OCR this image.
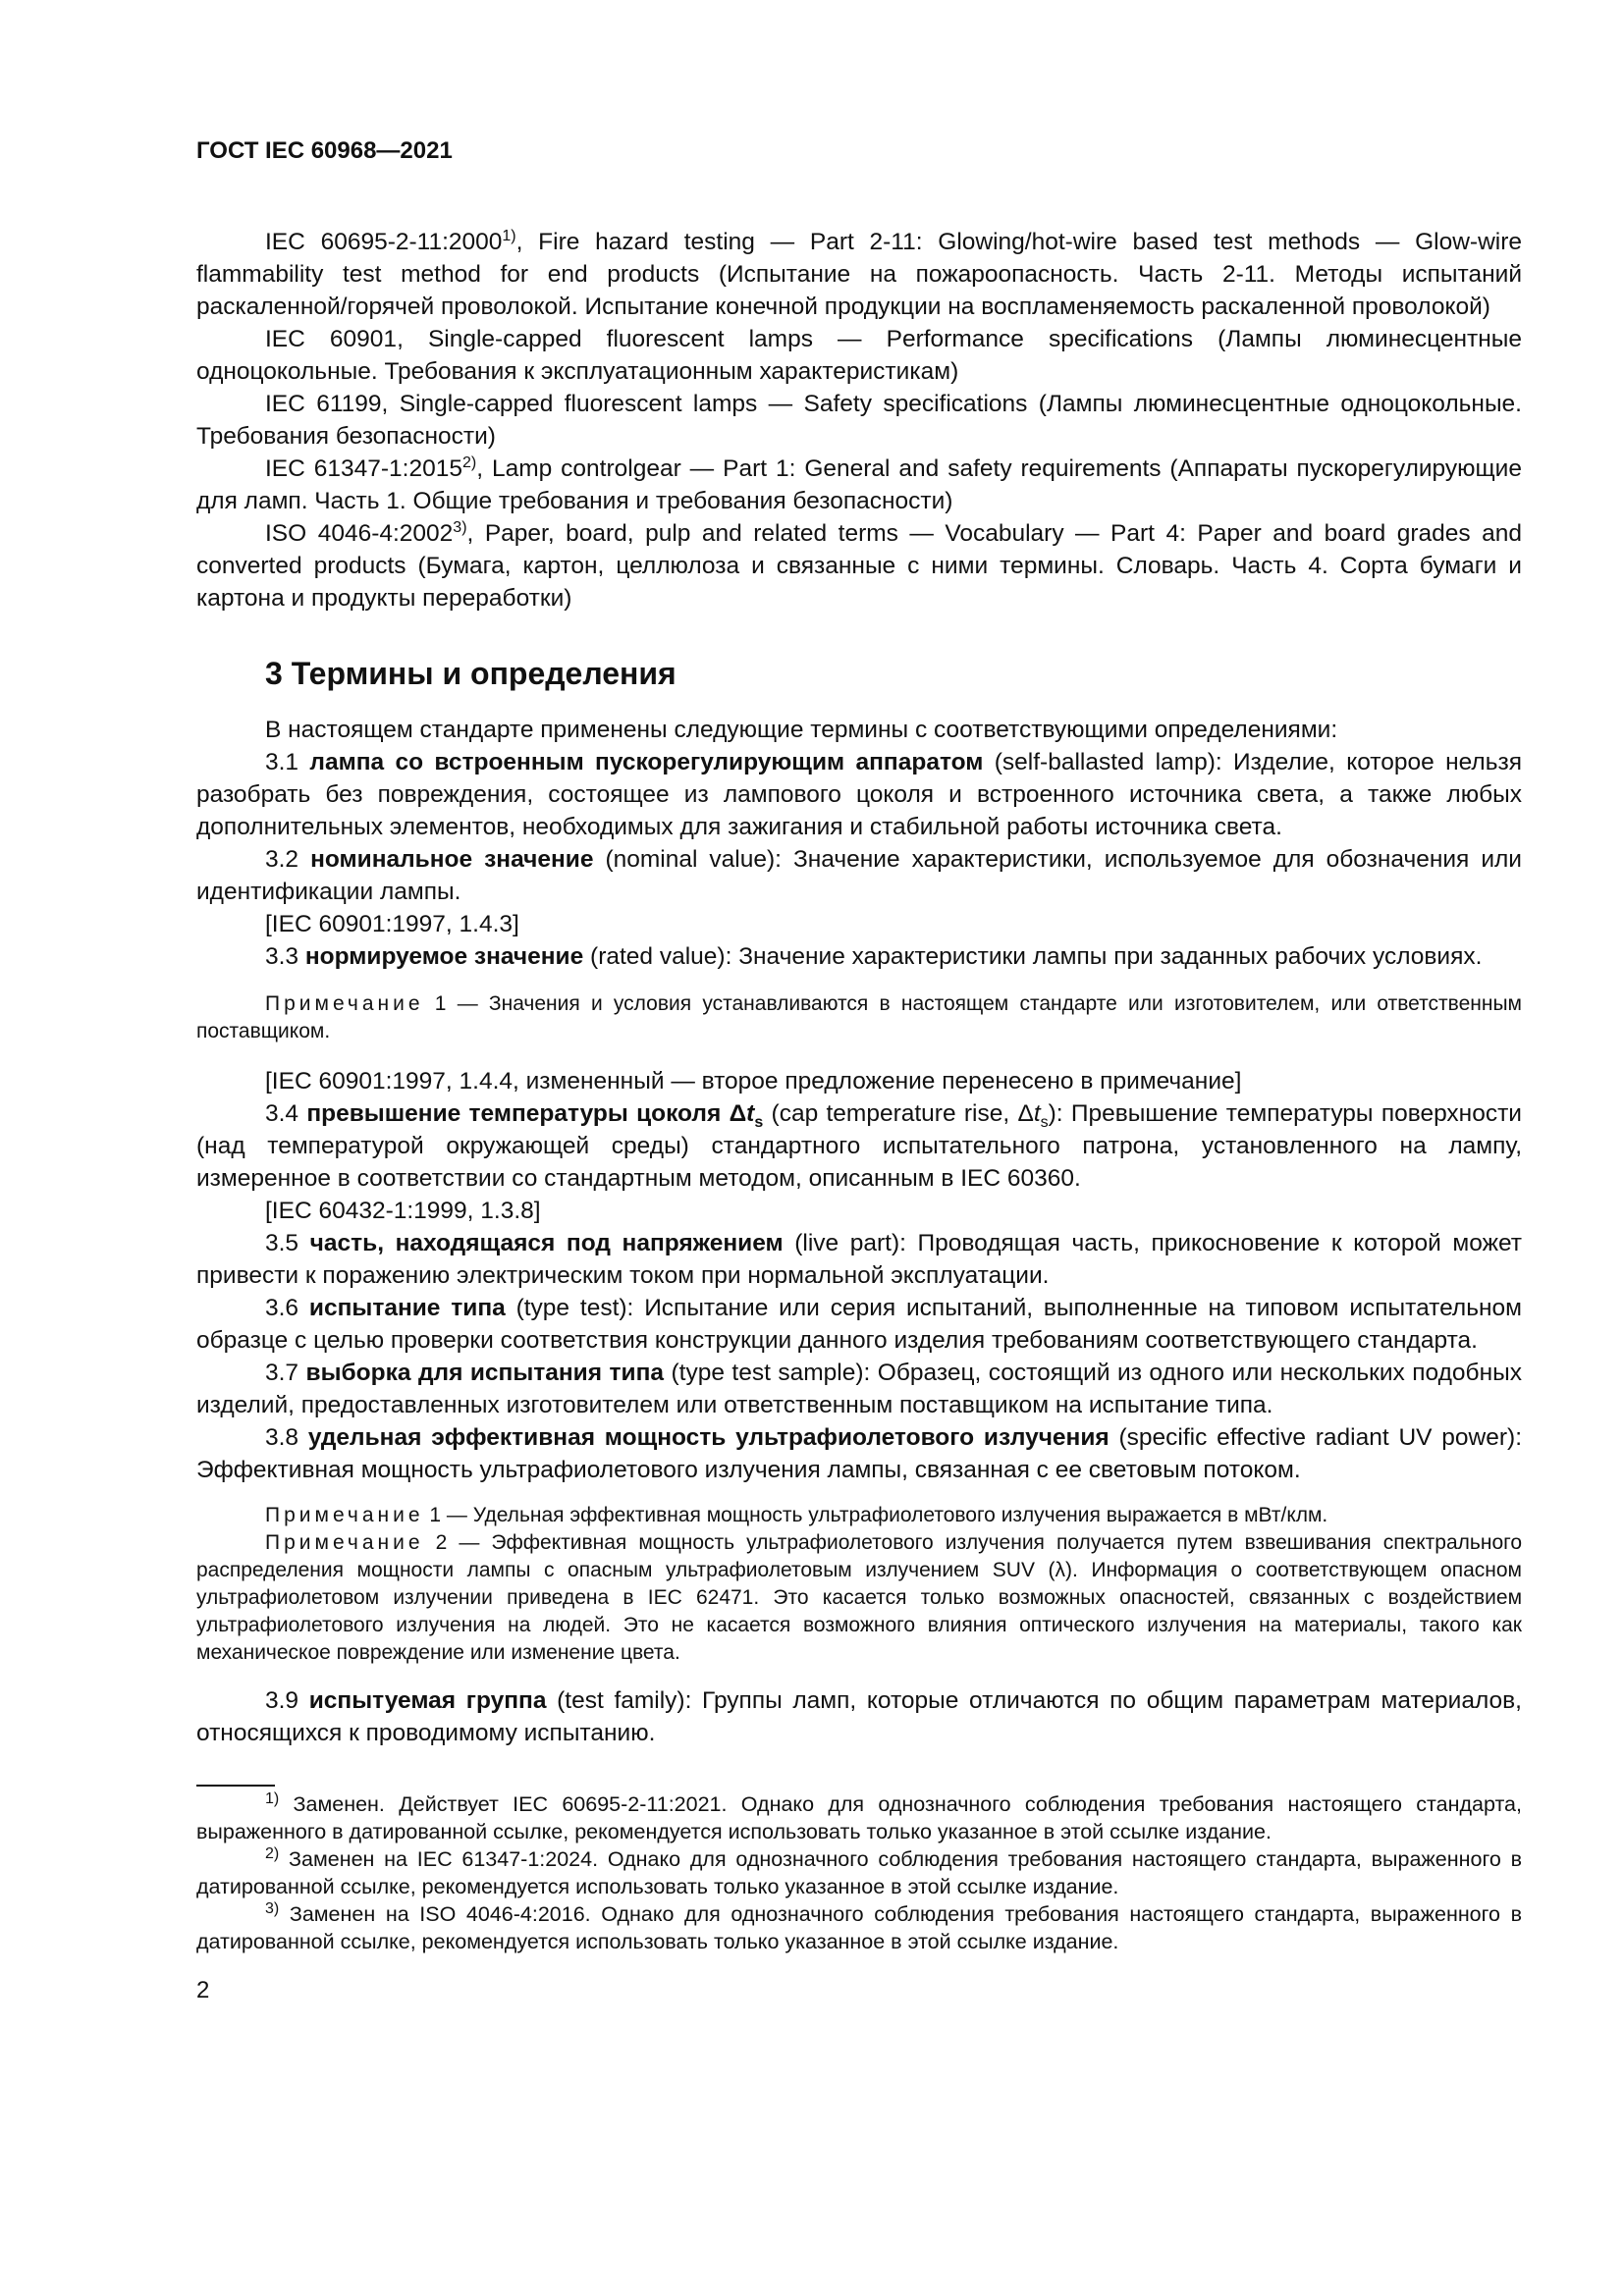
ГОСТ IEC 60968—2021

IEC 60695-2-11:2000$^{1)}$, Fire hazard testing — Part 2-11: Glowing/hot-wire based test methods — Glow-wire flammability test method for end products (Испытание на пожароопасность. Часть 2-11. Методы испытаний раскаленной/горячей проволокой. Испытание конечной продукции на воспламеняемость раскаленной проволокой)

IEC 60901, Single-capped fluorescent lamps — Performance specifications (Лампы люминесцентные одноцокольные. Требования к эксплуатационным характеристикам)

IEC 61199, Single-capped fluorescent lamps — Safety specifications (Лампы люминесцентные одноцокольные. Требования безопасности)

IEC 61347-1:2015$^{2)}$, Lamp controlgear — Part 1: General and safety requirements (Аппараты пускорегулирующие для ламп. Часть 1. Общие требования и требования безопасности)

ISO 4046-4:2002$^{3)}$, Paper, board, pulp and related terms — Vocabulary — Part 4: Paper and board grades and converted products (Бумага, картон, целлюлоза и связанные с ними термины. Словарь. Часть 4. Сорта бумаги и картона и продукты переработки)

3 Термины и определения

В настоящем стандарте применены следующие термины с соответствующими определениями:

3.1 лампа со встроенным пускорегулирующим аппаратом (self-ballasted lamp): Изделие, которое нельзя разобрать без повреждения, состоящее из лампового цоколя и встроенного источника света, а также любых дополнительных элементов, необходимых для зажигания и стабильной работы источника света.

3.2 номинальное значение (nominal value): Значение характеристики, используемое для обозначения или идентификации лампы.

[IEC 60901:1997, 1.4.3]

3.3 нормируемое значение (rated value): Значение характеристики лампы при заданных рабочих условиях.

Примечание 1 — Значения и условия устанавливаются в настоящем стандарте или изготовителем, или ответственным поставщиком.

[IEC 60901:1997, 1.4.4, измененный — второе предложение перенесено в примечание]

3.4 превышение температуры цоколя $\Delta t_s$ (cap temperature rise, $\Delta t_s$): Превышение температуры поверхности (над температурой окружающей среды) стандартного испытательного патрона, установленного на лампу, измеренное в соответствии со стандартным методом, описанным в IEC 60360.

[IEC 60432-1:1999, 1.3.8]

3.5 часть, находящаяся под напряжением (live part): Проводящая часть, прикосновение к которой может привести к поражению электрическим током при нормальной эксплуатации.

3.6 испытание типа (type test): Испытание или серия испытаний, выполненные на типовом испытательном образце с целью проверки соответствия конструкции данного изделия требованиям соответствующего стандарта.

3.7 выборка для испытания типа (type test sample): Образец, состоящий из одного или нескольких подобных изделий, предоставленных изготовителем или ответственным поставщиком на испытание типа.

3.8 удельная эффективная мощность ультрафиолетового излучения (specific effective radiant UV power): Эффективная мощность ультрафиолетового излучения лампы, связанная с ее световым потоком.

Примечание 1 — Удельная эффективная мощность ультрафиолетового излучения выражается в мВт/клм.

Примечание 2 — Эффективная мощность ультрафиолетового излучения получается путем взвешивания спектрального распределения мощности лампы с опасным ультрафиолетовым излучением SUV (λ). Информация о соответствующем опасном ультрафиолетовом излучении приведена в IEC 62471. Это касается только возможных опасностей, связанных с воздействием ультрафиолетового излучения на людей. Это не касается возможного влияния оптического излучения на материалы, такого как механическое повреждение или изменение цвета.

3.9 испытуемая группа (test family): Группы ламп, которые отличаются по общим параметрам материалов, относящихся к проводимому испытанию.

$^{1)}$ Заменен. Действует IEC 60695-2-11:2021. Однако для однозначного соблюдения требования настоящего стандарта, выраженного в датированной ссылке, рекомендуется использовать только указанное в этой ссылке издание.

$^{2)}$ Заменен на IEC 61347-1:2024. Однако для однозначного соблюдения требования настоящего стандарта, выраженного в датированной ссылке, рекомендуется использовать только указанное в этой ссылке издание.

$^{3)}$ Заменен на ISO 4046-4:2016. Однако для однозначного соблюдения требования настоящего стандарта, выраженного в датированной ссылке, рекомендуется использовать только указанное в этой ссылке издание.

2
